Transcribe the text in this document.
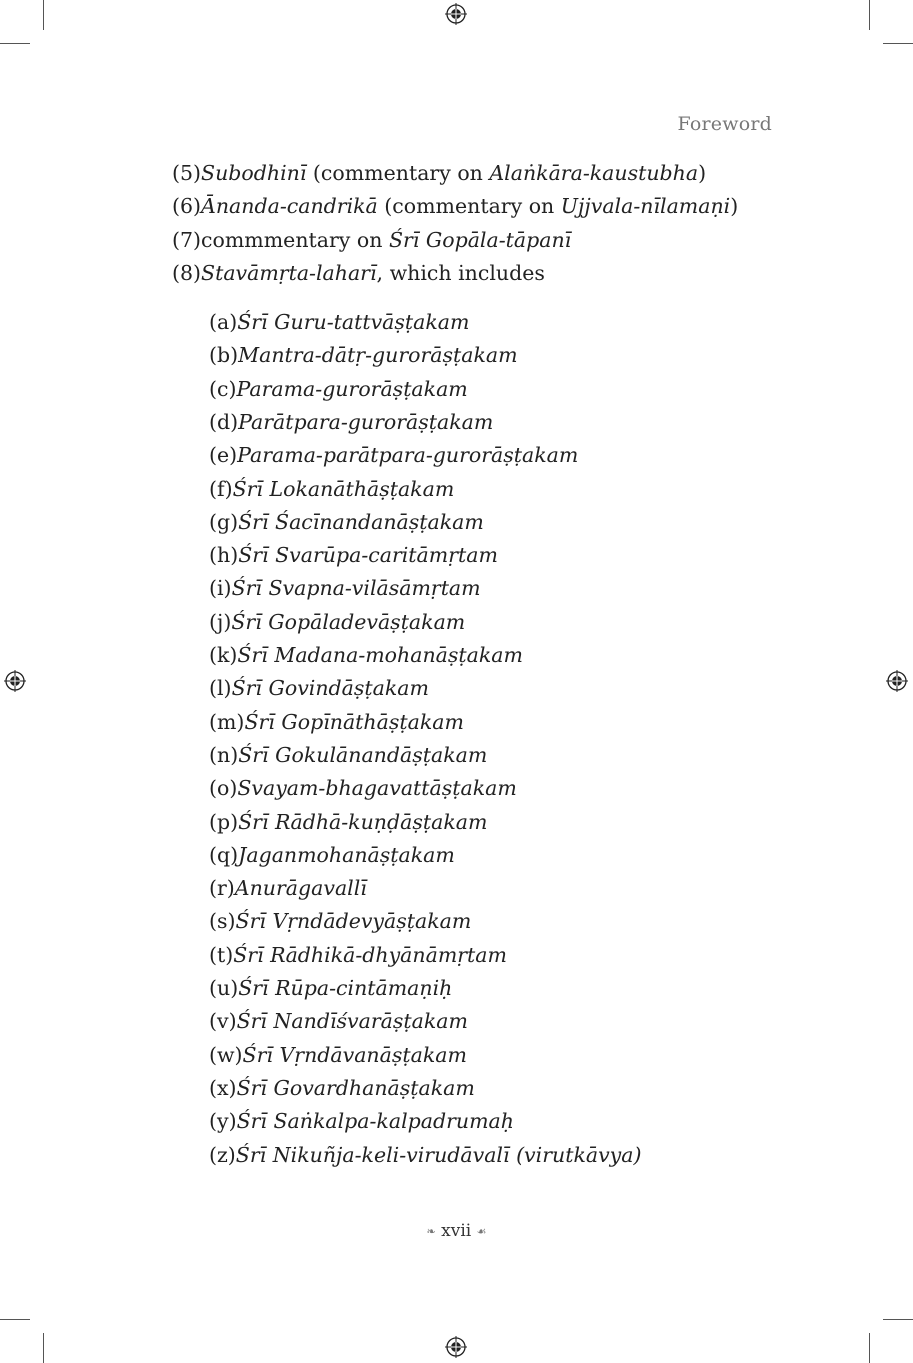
Foreword
(5)Subodhinī (commentary on Alaṅkāra-kaustubha)
(6)Ānanda-candrikā (commentary on Ujjvala-nīlamaṇi)
(7)commmentary on Śrī Gopāla-tāpanī
(8)Stavāmṛta-laharī, which includes
(a)Śrī Guru-tattvāṣṭakam
(b)Mantra-dātṛ-gurorāṣṭakam
(c)Parama-gurorāṣṭakam
(d)Parātpara-gurorāṣṭakam
(e)Parama-parātpara-gurorāṣṭakam
(f)Śrī Lokanāthāṣṭakam
(g)Śrī Śacīnandanāṣṭakam
(h)Śrī Svarūpa-caritāmṛtam
(i)Śrī Svapna-vilāsāmṛtam
(j)Śrī Gopāladevāṣṭakam
(k)Śrī Madana-mohanāṣṭakam
(l)Śrī Govindāṣṭakam
(m)Śrī Gopīnāthāṣṭakam
(n)Śrī Gokulānandāṣṭakam
(o)Svayam-bhagavattāṣṭakam
(p)Śrī Rādhā-kuṇḍāṣṭakam
(q)Jaganmohanāṣṭakam
(r)Anurāgavallī
(s)Śrī Vṛndādevyāṣṭakam
(t)Śrī Rādhikā-dhyānāmṛtam
(u)Śrī Rūpa-cintāmaṇiḥ
(v)Śrī Nandīśvarāṣṭakam
(w)Śrī Vṛndāvanāṣṭakam
(x)Śrī Govardhanāṣṭakam
(y)Śrī Saṅkalpa-kalpadrumaḥ
(z)Śrī Nikuñja-keli-virudāvalī (virutkāvya)
❧ xvii ☙
